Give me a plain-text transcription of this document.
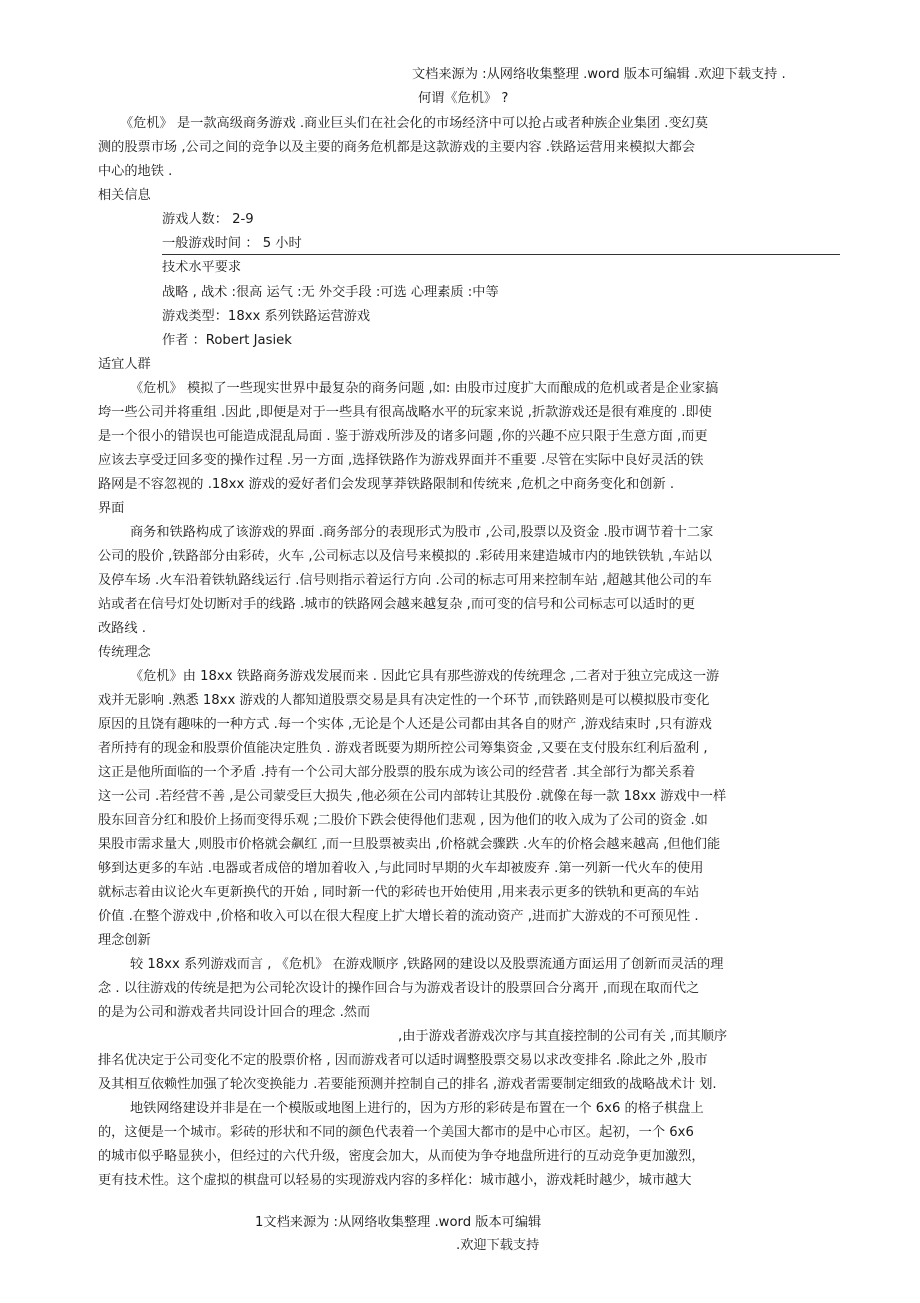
文档来源为 :从网络收集整理 .word 版本可编辑 .欢迎下载支持 .
何谓《危机》 ?
《危机》 是一款高级商务游戏 .商业巨头们在社会化的市场经济中可以抢占或者种族企业集团 .变幻莫
测的股票市场 ,公司之间的竞争以及主要的商务危机都是这款游戏的主要内容 .铁路运营用来模拟大都会
中心的地铁 .
相关信息
游戏人数： 2-9
一般游戏时间 ： 5 小时
技术水平要求
战略 , 战术 :很高 运气 :无 外交手段 :可选 心理素质 :中等
游戏类型：18xx 系列铁路运营游戏
作者 ：Robert Jasiek
适宜人群
《危机》 模拟了一些现实世界中最复杂的商务问题 ,如: 由股市过度扩大而酿成的危机或者是企业家搞
垮一些公司并将重组 .因此 ,即便是对于一些具有很高战略水平的玩家来说 ,折款游戏还是很有难度的 .即使
是一个很小的错误也可能造成混乱局面 . 鉴于游戏所涉及的诸多问题 ,你的兴趣不应只限于生意方面 ,而更
应该去享受迂回多变的操作过程 .另一方面 ,选择铁路作为游戏界面并不重要 .尽管在实际中良好灵活的铁
路网是不容忽视的 .18xx 游戏的爱好者们会发现莩莽铁路限制和传统来 ,危机之中商务变化和创新 .
界面
商务和铁路构成了该游戏的界面 .商务部分的表现形式为股市 ,公司,股票以及资金 .股市调节着十二家
公司的股价 ,铁路部分由彩砖，火车 ,公司标志以及信号来模拟的 .彩砖用来建造城市内的地铁铁轨 ,车站以
及停车场 .火车沿着铁轨路线运行 .信号则指示着运行方向 .公司的标志可用来控制车站 ,超越其他公司的车
站或者在信号灯处切断对手的线路 .城市的铁路网会越来越复杂 ,而可变的信号和公司标志可以适时的更
改路线 .
传统理念
《危机》由 18xx 铁路商务游戏发展而来 . 因此它具有那些游戏的传统理念 ,二者对于独立完成这一游
戏并无影响 .熟悉 18xx 游戏的人都知道股票交易是具有决定性的一个环节 ,而铁路则是可以模拟股市变化
原因的且饶有趣味的一种方式 .每一个实体 ,无论是个人还是公司都由其各自的财产 ,游戏结束时 ,只有游戏
者所持有的现金和股票价值能决定胜负 . 游戏者既要为期所控公司筹集资金 ,又要在支付股东红利后盈利 ,
这正是他所面临的一个矛盾 .持有一个公司大部分股票的股东成为该公司的经营者 .其全部行为都关系着
这一公司 .若经营不善 ,是公司蒙受巨大损失 ,他必须在公司内部转让其股份 .就像在每一款 18xx 游戏中一样
股东回音分红和股价上扬而变得乐观 ;二股价下跌会使得他们悲观 , 因为他们的收入成为了公司的资金 .如
果股市需求量大 ,则股市价格就会飙红 ,而一旦股票被卖出 ,价格就会骤跌 .火车的价格会越来越高 ,但他们能
够到达更多的车站 .电器或者成倍的增加着收入 ,与此同时早期的火车却被废弃 .第一列新一代火车的使用
就标志着由议论火车更新换代的开始 , 同时新一代的彩砖也开始使用 ,用来表示更多的铁轨和更高的车站
价值 .在整个游戏中 ,价格和收入可以在很大程度上扩大增长着的流动资产 ,进而扩大游戏的不可预见性 .
理念创新
较 18xx 系列游戏而言 , 《危机》 在游戏顺序 ,铁路网的建设以及股票流通方面运用了创新而灵活的理
念 . 以往游戏的传统是把为公司轮次设计的操作回合与为游戏者设计的股票回合分离开 ,而现在取而代之
的是为公司和游戏者共同设计回合的理念 .然而
,由于游戏者游戏次序与其直接控制的公司有关 ,而其顺序
排名优决定于公司变化不定的股票价格 , 因而游戏者可以适时调整股票交易以求改变排名 .除此之外 ,股市
及其相互依赖性加强了轮次变换能力 .若要能预测并控制自己的排名 ,游戏者需要制定细致的战略战术计 划.
地铁网络建设并非是在一个模版或地图上进行的，因为方形的彩砖是布置在一个 6x6 的格子棋盘上
的，这便是一个城市。彩砖的形状和不同的颜色代表着一个美国大都市的是中心市区。起初，一个 6x6
的城市似乎略显狭小，但经过的六代升级，密度会加大，从而使为争夺地盘所进行的互动竞争更加激烈，
更有技术性。这个虚拟的棋盘可以轻易的实现游戏内容的多样化：城市越小，游戏耗时越少，城市越大
1文档来源为 :从网络收集整理 .word 版本可编辑
.欢迎下载支持
